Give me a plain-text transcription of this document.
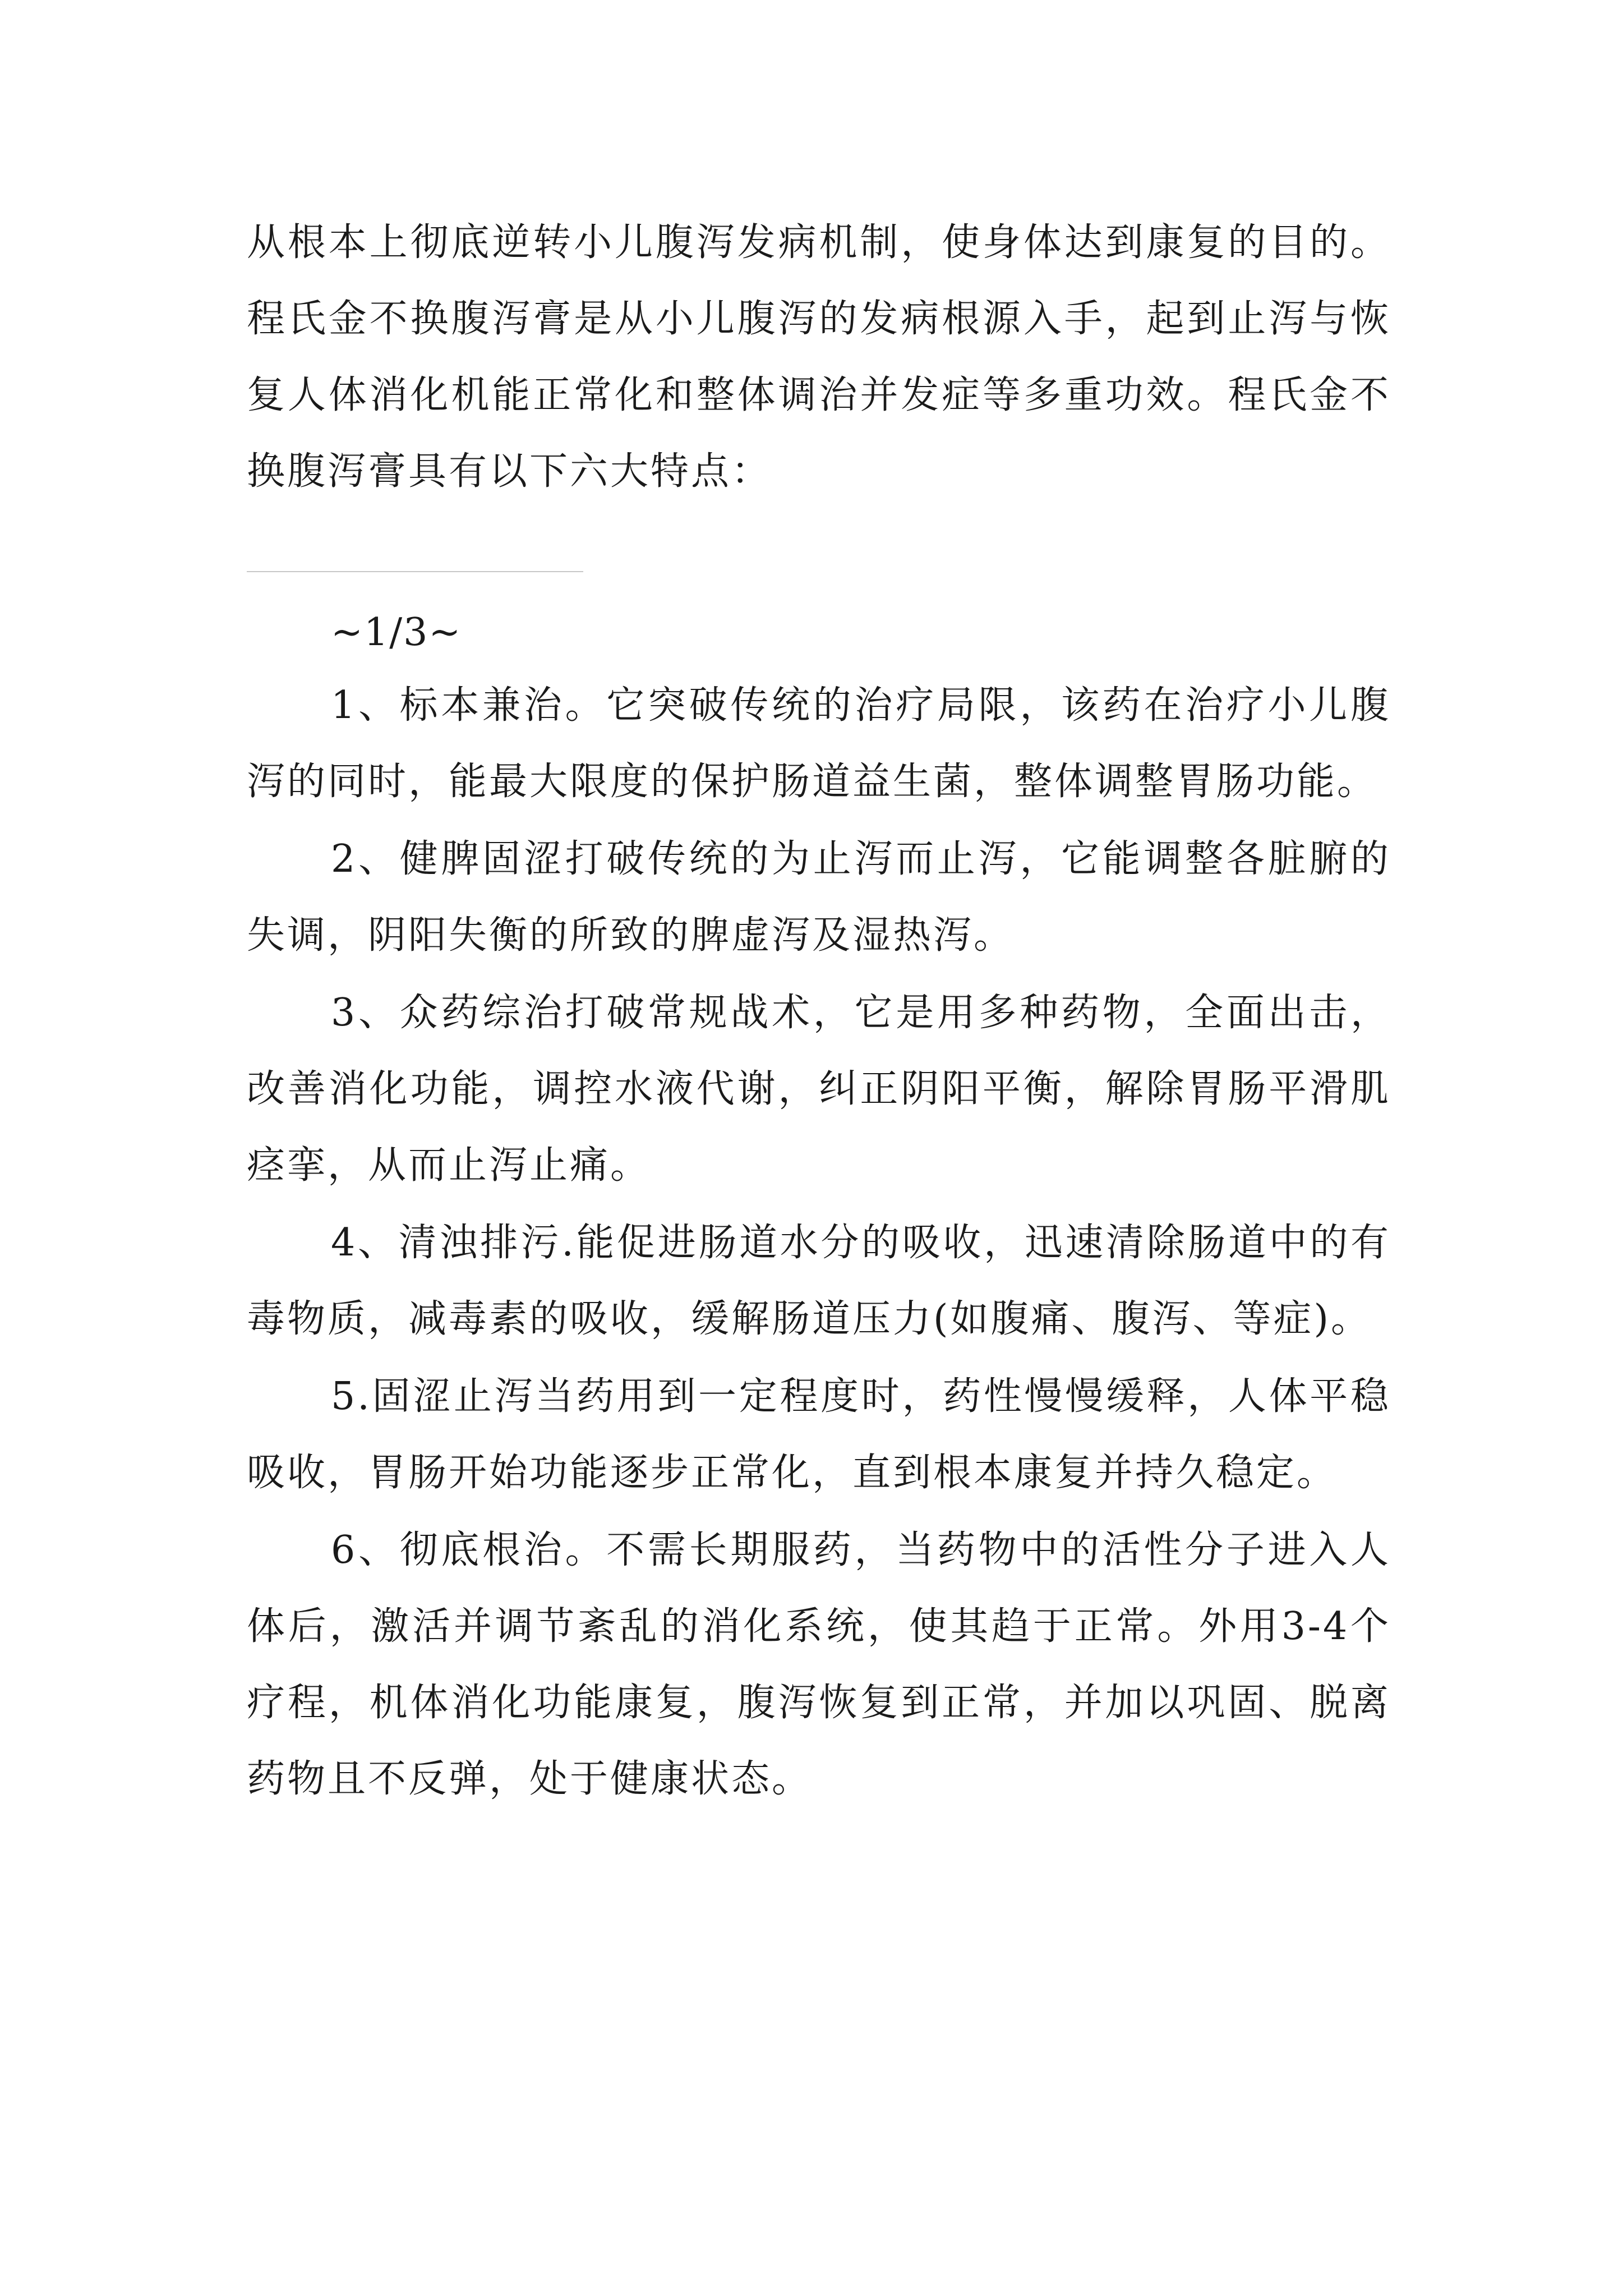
从根本上彻底逆转小儿腹泻发病机制，使身体达到康复的目的。程氏金不换腹泻膏是从小儿腹泻的发病根源入手，起到止泻与恢复人体消化机能正常化和整体调治并发症等多重功效。程氏金不换腹泻膏具有以下六大特点：
~1/3~

1、标本兼治。它突破传统的治疗局限，该药在治疗小儿腹泻的同时，能最大限度的保护肠道益生菌，整体调整胃肠功能。

2、健脾固涩打破传统的为止泻而止泻，它能调整各脏腑的失调，阴阳失衡的所致的脾虚泻及湿热泻。

3、众药综治打破常规战术，它是用多种药物，全面出击，改善消化功能，调控水液代谢，纠正阴阳平衡，解除胃肠平滑肌痉挛，从而止泻止痛。

4、清浊排污.能促进肠道水分的吸收，迅速清除肠道中的有毒物质，减毒素的吸收，缓解肠道压力(如腹痛、腹泻、等症)。

5.固涩止泻当药用到一定程度时，药性慢慢缓释，人体平稳吸收，胃肠开始功能逐步正常化，直到根本康复并持久稳定。

6、彻底根治。不需长期服药，当药物中的活性分子进入人体后，激活并调节紊乱的消化系统，使其趋于正常。外用3-4个疗程，机体消化功能康复，腹泻恢复到正常，并加以巩固、脱离药物且不反弹，处于健康状态。
